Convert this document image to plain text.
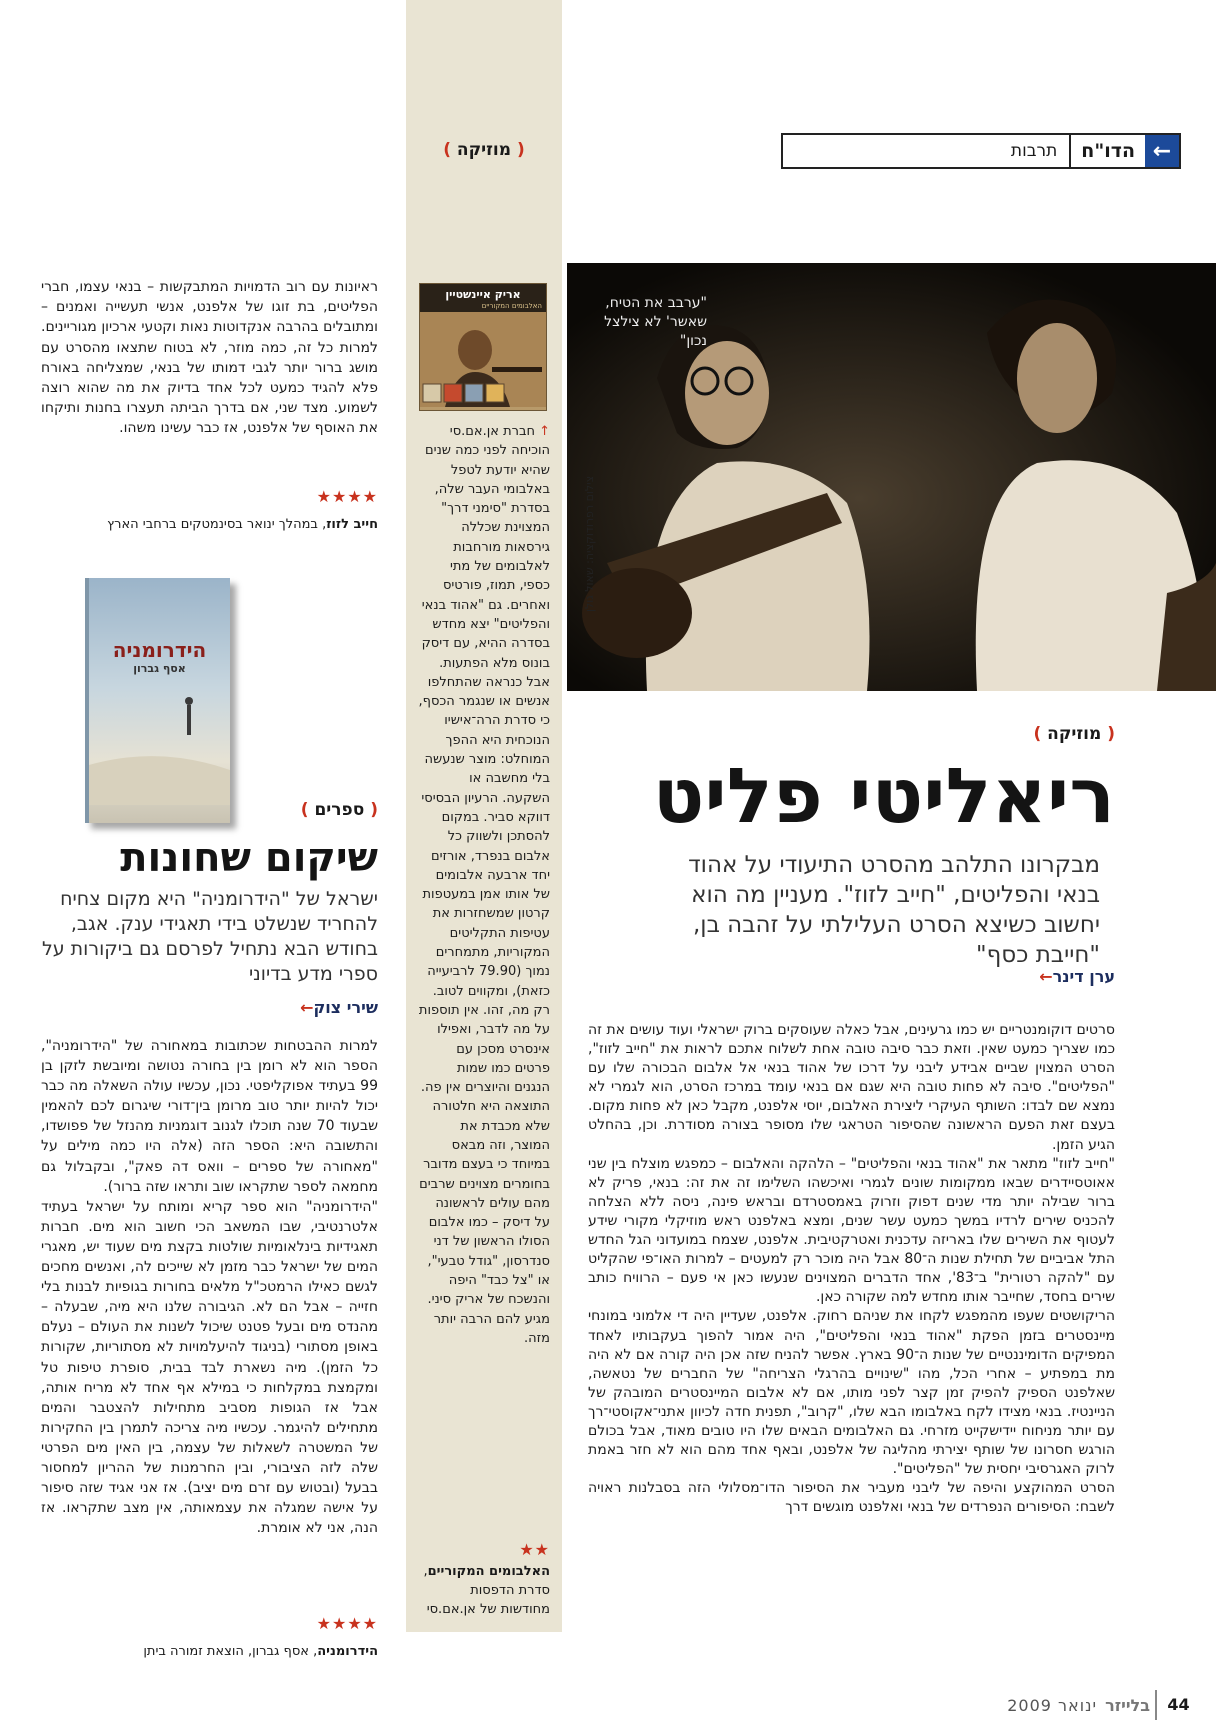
←
הדו"ח
תרבות
( מוזיקה )
אריק איינשטיין
האלבומים המקוריים
↑ חברת אן.אם.סי הוכיחה לפני כמה שנים שהיא יודעת לטפל באלבומי העבר שלה, בסדרת "סימני דרך" המצוינת שכללה גירסאות מורחבות לאלבומים של מתי כספי, תמוז, פורטיס ואחרים. גם "אהוד בנאי והפליטים" יצא מחדש בסדרה ההיא, עם דיסק בונוס מלא הפתעות. אבל כנראה שהתחלפו אנשים או שנגמר הכסף, כי סדרת הרה־אישיו הנוכחית היא ההפך המוחלט: מוצר שנעשה בלי מחשבה או השקעה. הרעיון הבסיסי דווקא סביר. במקום להסתכן ולשווק כל אלבום בנפרד, אורזים יחד ארבעה אלבומים של אותו אמן במעטפות קרטון שמשחזרות את עטיפות התקליטים המקוריות, מתמחרים נמוך (79.90 לרביעייה כזאת), ומקווים לטוב. רק מה, זהו. אין תוספות על מה לדבר, ואפילו אינסרט מסכן עם פרטים כמו שמות הנגנים והיוצרים אין פה. התוצאה היא חלטורה שלא מכבדת את המוצר, וזה מבאס במיוחד כי בעצם מדובר בחומרים מצוינים שרבים מהם עולים לראשונה על דיסק – כמו אלבום הסולו הראשון של דני סנדרסון, "גודל טבעי", או "צל כבד" היפה והנשכח של אריק סיני. מגיע להם הרבה יותר מזה.
★★
האלבומים המקוריים, סדרת הדפסות מחודשות של אן.אם.סי
"ערבב את הטיח, שאשר' לא צילצל נכון"
צילום רפרודוקציה: שאול גולן
( מוזיקה )
ריאליטי פליט
מבקרונו התלהב מהסרט התיעודי על אהוד בנאי והפליטים, "חייב לזוז". מעניין מה הוא יחשוב כשיצא הסרט העלילתי על זהבה בן, "חייבת כסף"
ערן דינר←

סרטים דוקומנטריים יש כמו גרעינים, אבל כאלה שעוסקים ברוק ישראלי ועוד עושים את זה כמו שצריך כמעט שאין. וזאת כבר סיבה טובה אחת לשלוח אתכם לראות את "חייב לזוז", הסרט המצוין שביים אבידע ליבני על דרכו של אהוד בנאי אל אלבום הבכורה שלו עם "הפליטים". סיבה לא פחות טובה היא שגם אם בנאי עומד במרכז הסרט, הוא לגמרי לא נמצא שם לבדו: השותף העיקרי ליצירת האלבום, יוסי אלפנט, מקבל כאן לא פחות מקום. בעצם זאת הפעם הראשונה שהסיפור הטראגי שלו מסופר בצורה מסודרת. וכן, בהחלט הגיע הזמן.

"חייב לזוז" מתאר את "אהוד בנאי והפליטים" – הלהקה והאלבום – כמפגש מוצלח בין שני אאוטסיידרים שבאו ממקומות שונים לגמרי ואיכשהו השלימו זה את זה: בנאי, פריק לא ברור שבילה יותר מדי שנים דפוק וזרוק באמסטרדם ובראש פינה, ניסה ללא הצלחה להכניס שירים לרדיו במשך כמעט עשר שנים, ומצא באלפנט ראש מוזיקלי מקורי שידע לעטוף את השירים שלו באריזה עדכנית ואטרקטיבית. אלפנט, שצמח במועדוני הגל החדש התל אביביים של תחילת שנות ה־80 אבל היה מוכר רק למעטים – למרות האו־פי שהקליט עם "להקה רטורית" ב־83', אחד הדברים המצוינים שנעשו כאן אי פעם – הרוויח כותב שירים בחסד, שחייבר אותו מחדש למה שקורה כאן.

הריקושטים שעפו מהמפגש לקחו את שניהם רחוק. אלפנט, שעדיין היה די אלמוני במונחי מיינסטרים בזמן הפקת "אהוד בנאי והפליטים", היה אמור להפוך בעקבותיו לאחד המפיקים הדומיננטיים של שנות ה־90 בארץ. אפשר להניח שזה אכן היה קורה אם לא היה מת במפתיע – אחרי הכל, מהו "שינויים בהרגלי הצריחה" של החברים של נטאשה, שאלפנט הספיק להפיק זמן קצר לפני מותו, אם לא אלבום המיינסטרים המובהק של הניינטיז. בנאי מצידו לקח באלבומו הבא שלו, "קרוב", תפנית חדה לכיוון אתני־אקוסטי־רך עם יותר מניחוח יידישקייט מזרחי. גם האלבומים הבאים שלו היו טובים מאוד, אבל בכולם הורגש חסרונו של שותף יצירתי מהליגה של אלפנט, ובאף אחד מהם הוא לא חזר באמת לרוק האגרסיבי יחסית של "הפליטים".

הסרט המהוקצע והיפה של ליבני מעביר את הסיפור הדו־מסלולי הזה בסבלנות ראויה לשבח: הסיפורים הנפרדים של בנאי ואלפנט מוגשים דרך

ראיונות עם רוב הדמויות המתבקשות – בנאי עצמו, חברי הפליטים, בת זוגו של אלפנט, אנשי תעשייה ואמנים – ומתובלים בהרבה אנקדוטות נאות וקטעי ארכיון מגוריינים. למרות כל זה, כמה מוזר, לא בטוח שתצאו מהסרט עם מושג ברור יותר לגבי דמותו של בנאי, שמצליחה באורח פלא להגיד כמעט לכל אחד בדיוק את מה שהוא רוצה לשמוע. מצד שני, אם בדרך הביתה תעצרו בחנות ותיקחו את האוסף של אלפנט, אז כבר עשינו משהו.
★★★★
חייב לזוז, במהלך ינואר בסינמטקים ברחבי הארץ
הידרומניה
אסף גברון
( ספרים )
שיקום שחונות
ישראל של "הידרומניה" היא מקום צחיח להחריד שנשלט בידי תאגידי ענק. אגב, בחודש הבא נתחיל לפרסם גם ביקורות על ספרי מדע בדיוני
שירי צוק←

למרות ההבטחות שכתובות במאחורה של "הידרומניה", הספר הוא לא רומן בין בחורה נטושה ומיובשת לזקן בן 99 בעתיד אפוקליפטי. נכון, עכשיו עולה השאלה מה כבר יכול להיות יותר טוב מרומן בין־דורי שיגרום לכם להאמין שבעוד 70 שנה תוכלו לגנוב דוגמניות מהנזל של פפושדו, והתשובה היא: הספר הזה (אלה היו כמה מילים על "מאחורה של ספרים – וואס דה פאק", ובקבלול גם מחמאה לספר שתקראו שוב ותראו שזה ברור).

"הידרומניה" הוא ספר קריא ומותח על ישראל בעתיד אלטרנטיבי, שבו המשאב הכי חשוב הוא מים. חברות תאגידיות בינלאומיות שולטות בקצת מים שעוד יש, מאגרי המים של ישראל כבר מזמן לא שייכים לה, ואנשים מחכים לגשם כאילו הרמטכ"ל מלאים בחורות בגופיות לבנות בלי חזייה – אבל הם לא. הגיבורה שלנו היא מיה, שבעלה – מהנדס מים ובעל פטנט שיכול לשנות את העולם – נעלם באופן מסתורי (בניגוד להיעלמויות לא מסתוריות, שקורות כל הזמן). מיה נשארת לבד בבית, סופרת טיפות טל ומקמצת במקלחות כי במילא אף אחד לא מריח אותה, אבל אז הגופות מסביב מתחילות להצטבר והמים מתחילים להיגמר. עכשיו מיה צריכה לתמרן בין החקירות של המשטרה לשאלות של עצמה, בין האין מים הפרטי שלה לזה הציבורי, ובין החרמנות של ההריון למחסור בבעל (ובטוש עם זרם מים יציב). אז אני אגיד שזה סיפור על אישה שמגלה את עצמאותה, אין מצב שתקראו. אז הנה, אני לא אומרת.

★★★★
הידרומניה, אסף גברון, הוצאת זמורה ביתן
44
בלייזר
ינואר 2009
